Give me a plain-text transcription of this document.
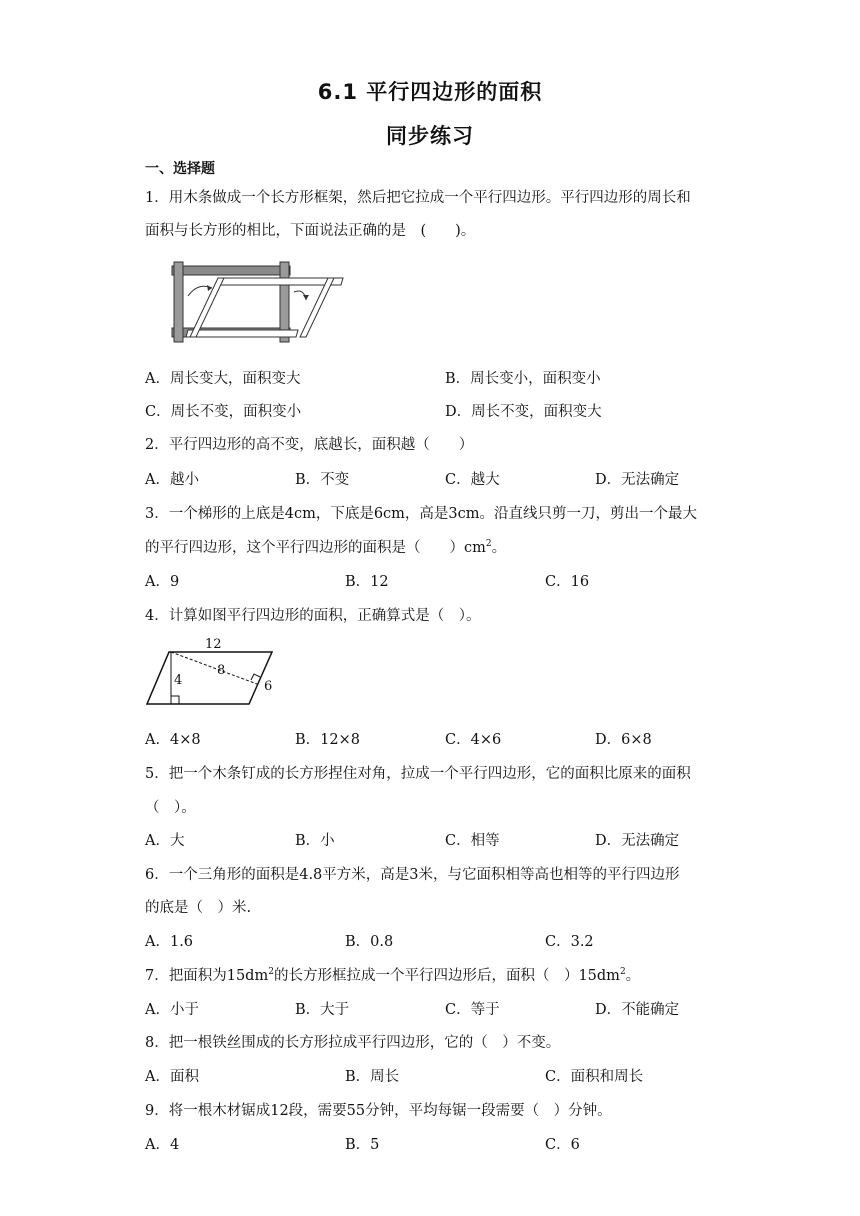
6.1 平行四边形的面积
同步练习
一、选择题
1．用木条做成一个长方形框架，然后把它拉成一个平行四边形。平行四边形的周长和
面积与长方形的相比，下面说法正确的是　(　　)。
A．周长变大，面积变大	B．周长变小，面积变小
C．周长不变，面积变小	D．周长不变，面积变大
2．平行四边形的高不变，底越长，面积越（　　）
A．越小	B．不变	C．越大	D．无法确定
3．一个梯形的上底是4cm，下底是6cm，高是3cm。沿直线只剪一刀，剪出一个最大
的平行四边形，这个平行四边形的面积是（　　）$cm^2$。
A．9	B．12	C．16
4．计算如图平行四边形的面积，正确算式是（　）。
12
8
4	6
A．4×8	B．12×8	C．4×6	D．6×8
5．把一个木条钉成的长方形捏住对角，拉成一个平行四边形，它的面积比原来的面积
（　）。
A．大	B．小	C．相等	D．无法确定
6．一个三角形的面积是4.8平方米，高是3米，与它面积相等高也相等的平行四边形
的底是（　）米.
A．1.6	B．0.8	C．3.2
7．把面积为$15dm^2$的长方形框拉成一个平行四边形后，面积（　）$15dm^2$。
A．小于	B．大于	C．等于	D．不能确定
8．把一根铁丝围成的长方形拉成平行四边形，它的（　）不变。
A．面积	B．周长	C．面积和周长
9．将一根木材锯成12段，需要55分钟，平均每锯一段需要（　）分钟。
A．4	B．5	C．6
